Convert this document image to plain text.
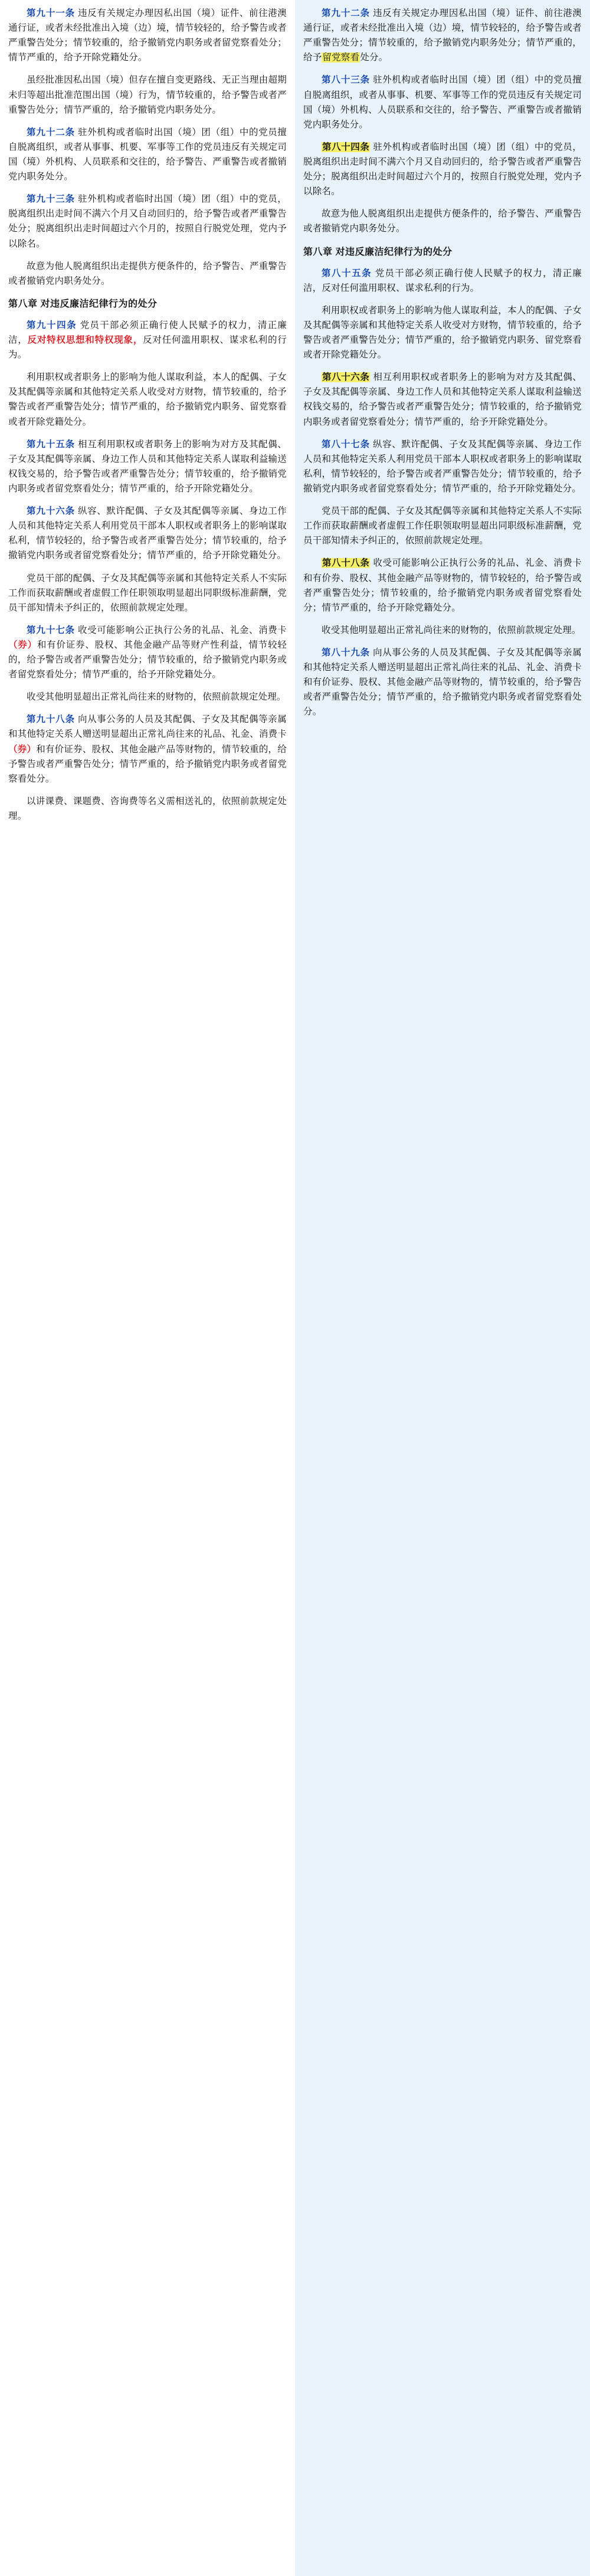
第九十一条 违反有关规定办理因私出国（境）证件、前往港澳通行证，或者未经批准出入境（边）境，情节较轻的，给予警告或者严重警告处分；情节较重的，给予撤销党内职务或者留党察看处分；情节严重的，给予开除党籍处分。

虽经批准因私出国（境）但存在擅自变更路线、无正当理由超期未归等超出批准范围出国（境）行为，情节较重的，给予警告或者严重警告处分；情节严重的，给予撤销党内职务处分。

第九十二条 驻外机构或者临时出国（境）团（组）中的党员擅自脱离组织，或者从事事、机要、军事等工作的党员违反有关规定司国（境）外机构、人员联系和交往的，给予警告、严重警告或者撤销党内职务处分。

第九十三条 驻外机构或者临时出国（境）团（组）中的党员，脱离组织出走时间不满六个月又自动回归的，给予警告或者严重警告处分；脱离组织出走时间超过六个月的，按照自行脱党处理，党内予以除名。

故意为他人脱离组织出走提供方便条件的，给予警告、严重警告或者撤销党内职务处分。

第八章 对违反廉洁纪律行为的处分

第九十四条 党员干部必须正确行使人民赋予的权力，清正廉洁，反对特权思想和特权现象，反对任何滥用职权、谋求私利的行为。

利用职权或者职务上的影响为他人谋取利益，本人的配偶、子女及其配偶等亲属和其他特定关系人收受对方财物，情节较重的，给予警告或者严重警告处分；情节严重的，给予撤销党内职务、留党察看或者开除党籍处分。

第九十五条 相互利用职权或者职务上的影响为对方及其配偶、子女及其配偶等亲属、身边工作人员和其他特定关系人谋取利益输送权钱交易的，给予警告或者严重警告处分；情节较重的，给予撤销党内职务或者留党察看处分；情节严重的，给予开除党籍处分。

第九十六条 纵容、默许配偶、子女及其配偶等亲属、身边工作人员和其他特定关系人利用党员干部本人职权或者职务上的影响谋取私利，情节较轻的，给予警告或者严重警告处分；情节较重的，给予撤销党内职务或者留党察看处分；情节严重的，给予开除党籍处分。

党员干部的配偶、子女及其配偶等亲属和其他特定关系人不实际工作而获取薪酬或者虚假工作任职领取明显超出同职级标准薪酬，党员干部知情未予纠正的，依照前款规定处理。

第九十七条 收受可能影响公正执行公务的礼品、礼金、消费卡（券）和有价证券、股权、其他金融产品等财产性利益，情节较轻的，给予警告或者严重警告处分；情节较重的，给予撤销党内职务或者留党察看处分；情节严重的，给予开除党籍处分。

收受其他明显超出正常礼尚往来的财物的，依照前款规定处理。

第九十八条 向从事公务的人员及其配偶、子女及其配偶等亲属和其他特定关系人赠送明显超出正常礼尚往来的礼品、礼金、消费卡（券）和有价证券、股权、其他金融产品等财物的，情节较重的，给予警告或者严重警告处分；情节严重的，给予撤销党内职务或者留党察看处分。

以讲课费、课题费、咨询费等名义需相送礼的，依照前款规定处理。

第九十二条 违反有关规定办理因私出国（境）证件、前往港澳通行证，或者未经批准出入境（边）境，情节较轻的，给予警告或者严重警告处分；情节较重的，给予撤销党内职务处分；情节严重的，给予留党察看处分。

第八十三条 驻外机构或者临时出国（境）团（组）中的党员擅自脱离组织，或者从事事、机要、军事等工作的党员违反有关规定司国（境）外机构、人员联系和交往的，给予警告、严重警告或者撤销党内职务处分。

第八十四条 驻外机构或者临时出国（境）团（组）中的党员，脱离组织出走时间不满六个月又自动回归的，给予警告或者严重警告处分；脱离组织出走时间超过六个月的，按照自行脱党处理，党内予以除名。

故意为他人脱离组织出走提供方便条件的，给予警告、严重警告或者撤销党内职务处分。

第八章 对违反廉洁纪律行为的处分

第八十五条 党员干部必须正确行使人民赋予的权力，清正廉洁，反对任何滥用职权、谋求私利的行为。

利用职权或者职务上的影响为他人谋取利益，本人的配偶、子女及其配偶等亲属和其他特定关系人收受对方财物，情节较重的，给予警告或者严重警告处分；情节严重的，给予撤销党内职务、留党察看或者开除党籍处分。

第八十六条 相互利用职权或者职务上的影响为对方及其配偶、子女及其配偶等亲属、身边工作人员和其他特定关系人谋取利益输送权钱交易的，给予警告或者严重警告处分；情节较重的，给予撤销党内职务或者留党察看处分；情节严重的，给予开除党籍处分。

第八十七条 纵容、默许配偶、子女及其配偶等亲属、身边工作人员和其他特定关系人利用党员干部本人职权或者职务上的影响谋取私利，情节较轻的，给予警告或者严重警告处分；情节较重的，给予撤销党内职务或者留党察看处分；情节严重的，给予开除党籍处分。

党员干部的配偶、子女及其配偶等亲属和其他特定关系人不实际工作而获取薪酬或者虚假工作任职领取明显超出同职级标准薪酬，党员干部知情未予纠正的，依照前款规定处理。

第八十八条 收受可能影响公正执行公务的礼品、礼金、消费卡和有价券、股权、其他金融产品等财物的，情节较轻的，给予警告或者严重警告处分；情节较重的，给予撤销党内职务或者留党察看处分；情节严重的，给予开除党籍处分。

收受其他明显超出正常礼尚往来的财物的，依照前款规定处理。

第八十九条 向从事公务的人员及其配偶、子女及其配偶等亲属和其他特定关系人赠送明显超出正常礼尚往来的礼品、礼金、消费卡和有价证券、股权、其他金融产品等财物的，情节较重的，给予警告或者严重警告处分；情节严重的，给予撤销党内职务或者留党察看处分。
